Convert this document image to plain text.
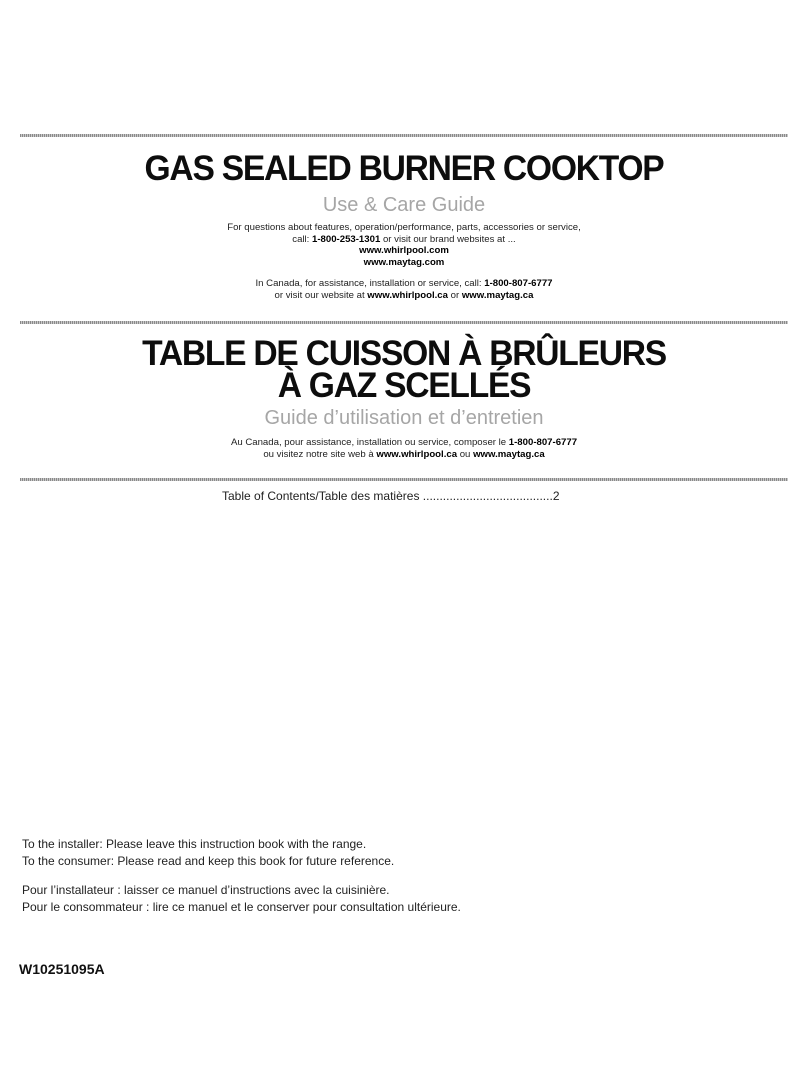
GAS SEALED BURNER COOKTOP
Use & Care Guide
For questions about features, operation/performance, parts, accessories or service,
call: 1-800-253-1301 or visit our brand websites at ...
www.whirlpool.com
www.maytag.com
In Canada, for assistance, installation or service, call: 1-800-807-6777
or visit our website at www.whirlpool.ca or www.maytag.ca
TABLE DE CUISSON À BRÛLEURS
À GAZ SCELLÉS
Guide d’utilisation et d’entretien
Au Canada, pour assistance, installation ou service, composer le 1-800-807-6777
ou visitez notre site web à www.whirlpool.ca ou www.maytag.ca
Table of Contents/Table des matières .......................................2
To the installer: Please leave this instruction book with the range.
To the consumer: Please read and keep this book for future reference.
Pour l’installateur : laisser ce manuel d’instructions avec la cuisinière.
Pour le consommateur : lire ce manuel et le conserver pour consultation ultérieure.
W10251095A
